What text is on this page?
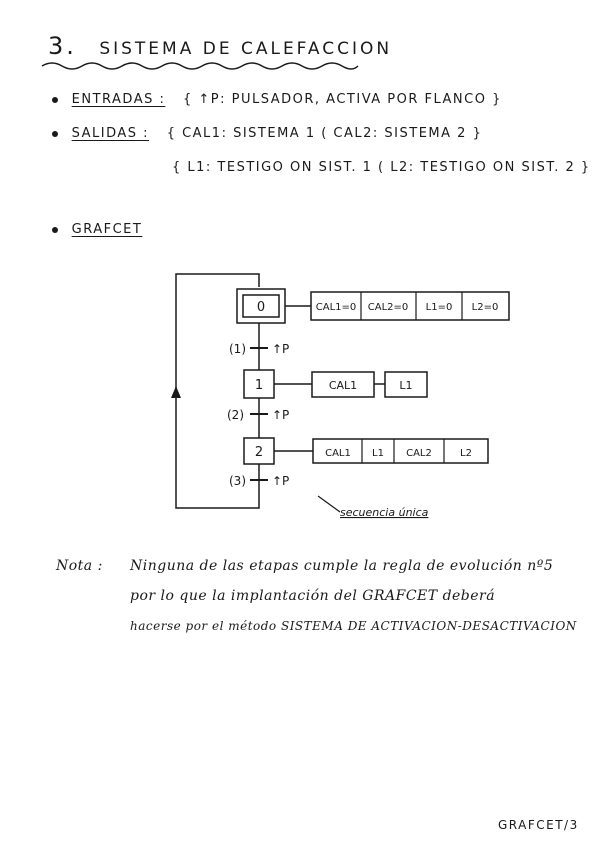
3. SISTEMA DE CALEFACCION
ENTRADAS : { ↑P: PULSADOR, ACTIVA POR FLANCO }
SALIDAS : { CAL1: SISTEMA 1 ( CAL2: SISTEMA 2 }
{ L1: TESTIGO ON SIST. 1 ( L2: TESTIGO ON SIST. 2 }
GRAFCET
0	CAL1=0 CAL2=0 L1=0 L2=0
(1) ↑P
1	CAL1	L1
(2) ↑P
2	CAL1 L1 CAL2	L2
(3) ↑P
secuencia única
Nota : Ninguna de las etapas cumple la regla de evolución nº5
por lo que la implantación del GRAFCET deberá
hacerse por el método SISTEMA DE ACTIVACION-DESACTIVACION
GRAFCET/3
